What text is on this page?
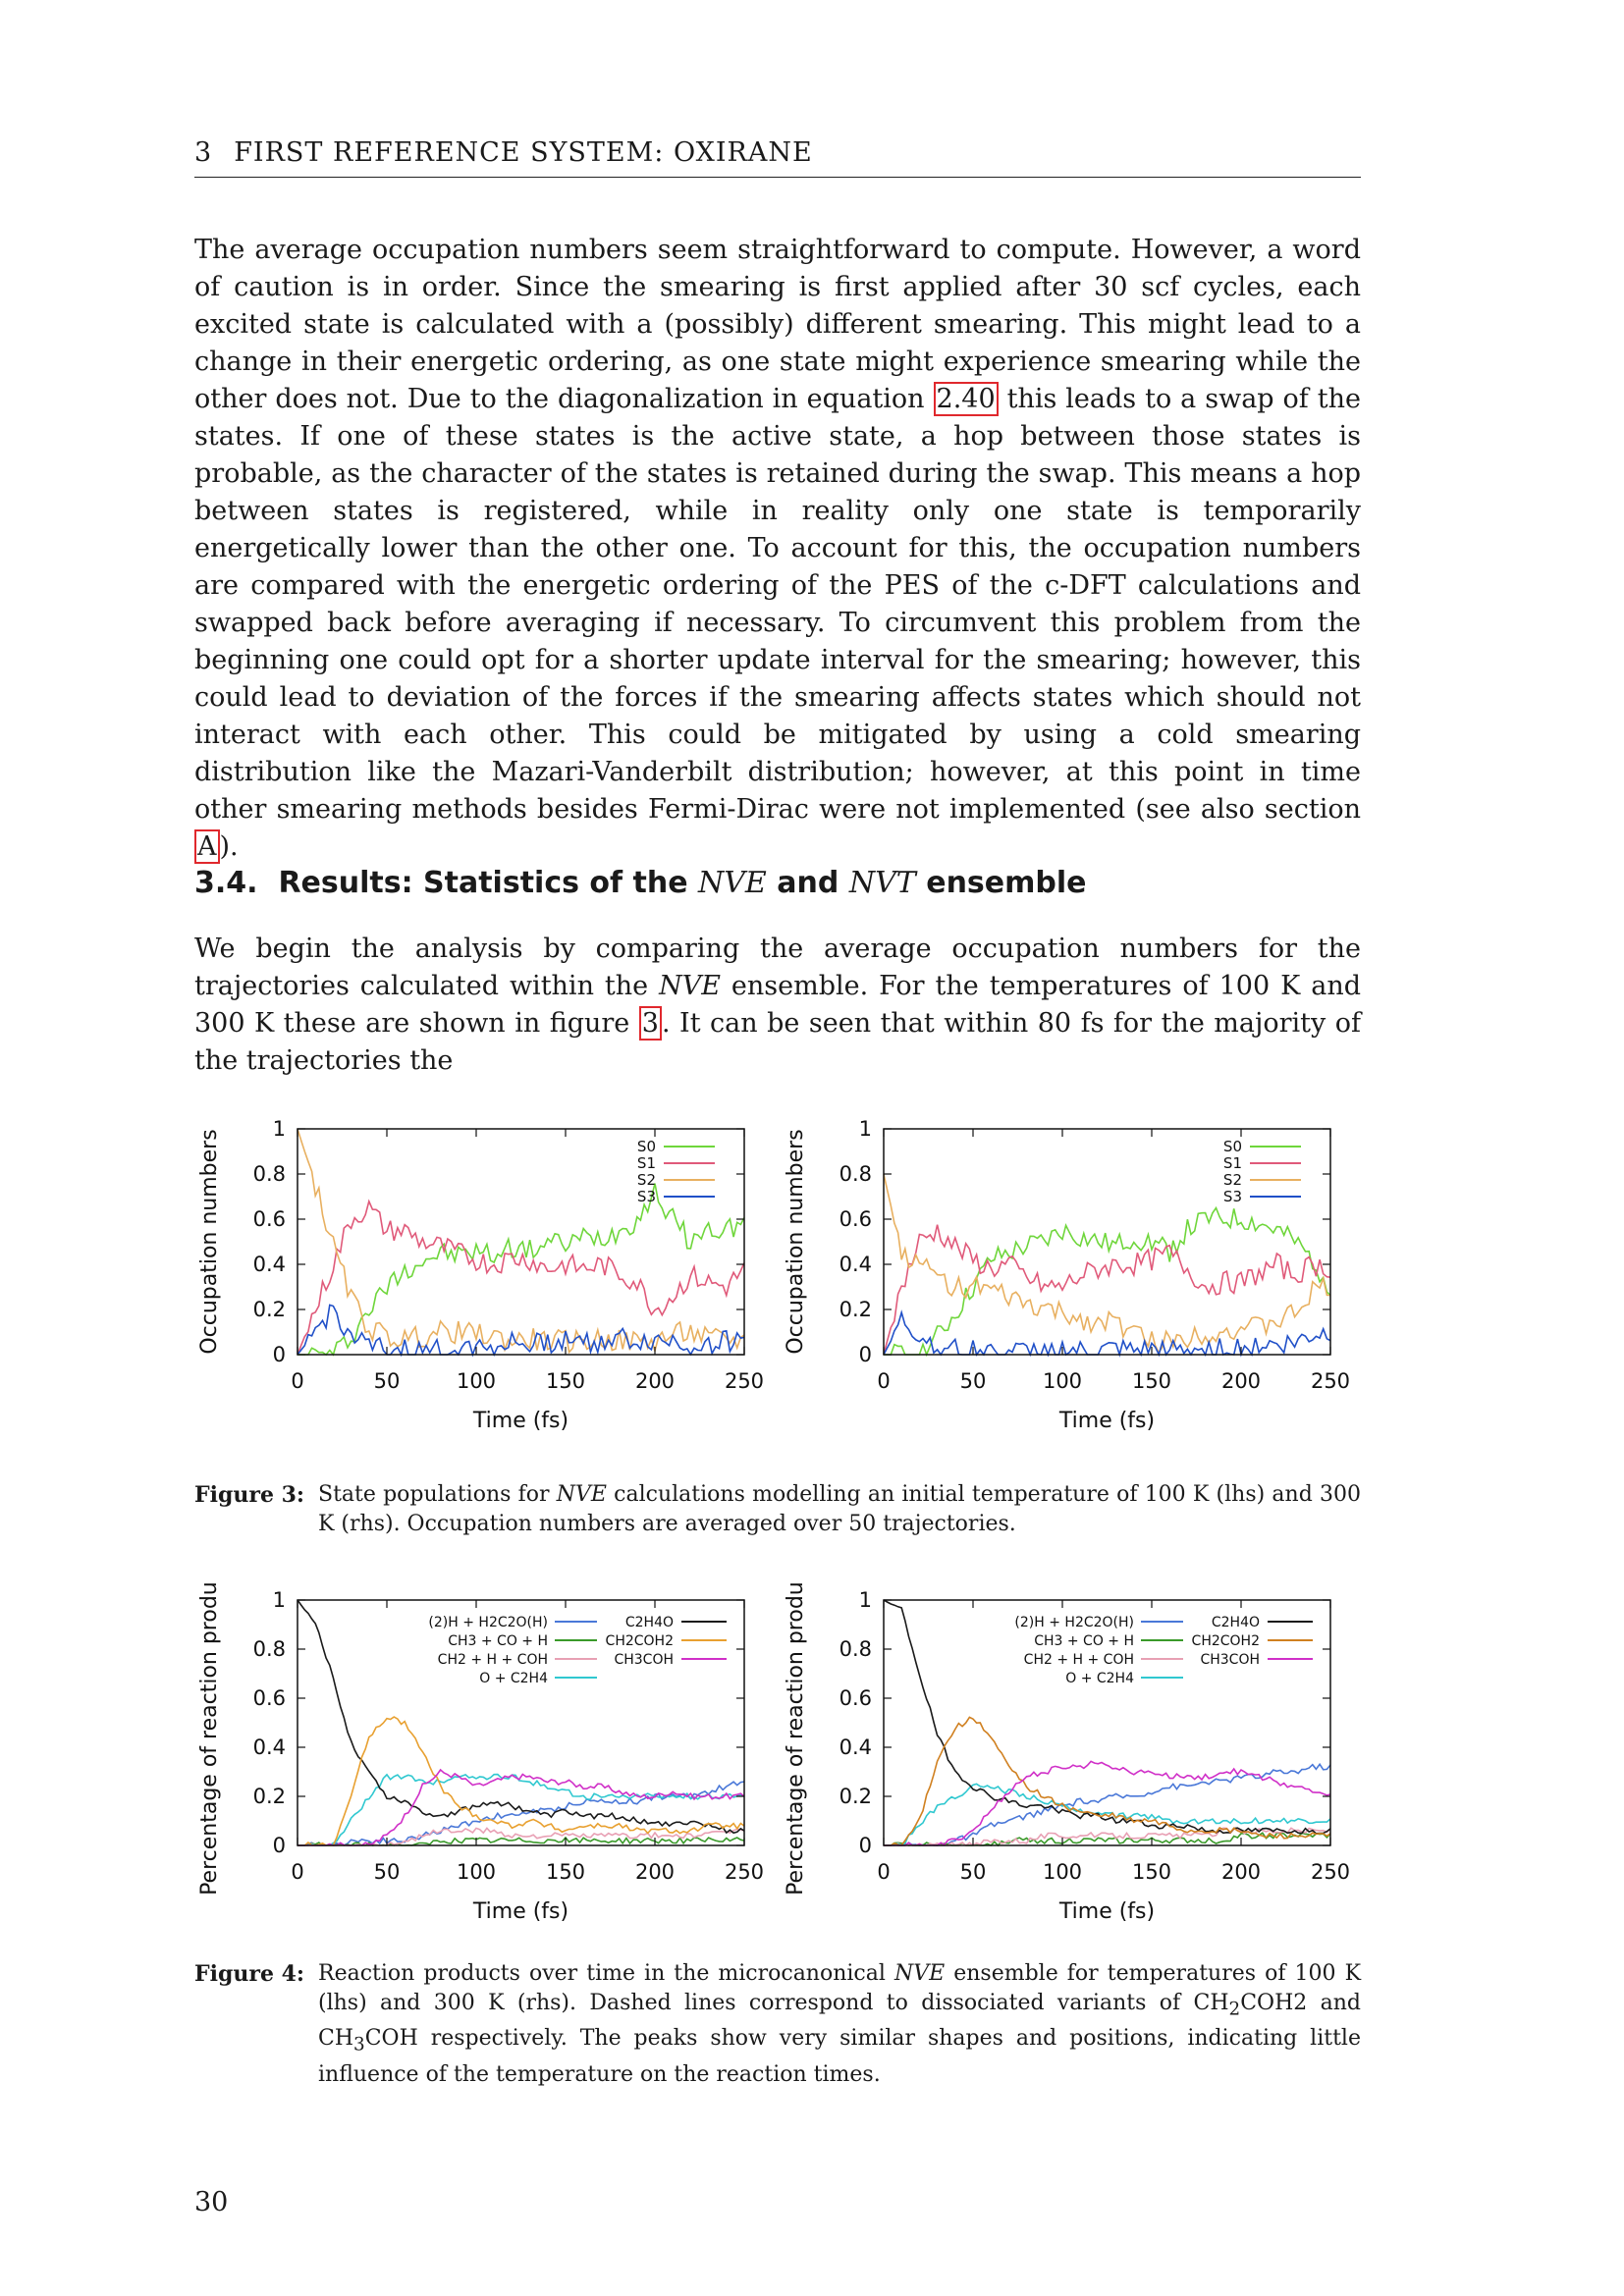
3 FIRST REFERENCE SYSTEM: OXIRANE
The average occupation numbers seem straightforward to compute. However, a word of caution is in order. Since the smearing is first applied after 30 scf cycles, each excited state is calculated with a (possibly) different smearing. This might lead to a change in their energetic ordering, as one state might experience smearing while the other does not. Due to the diagonalization in equation 2.40 this leads to a swap of the states. If one of these states is the active state, a hop between those states is probable, as the character of the states is retained during the swap. This means a hop between states is registered, while in reality only one state is temporarily energetically lower than the other one. To account for this, the occupation numbers are compared with the energetic ordering of the PES of the c-DFT calculations and swapped back before averaging if necessary. To circumvent this problem from the beginning one could opt for a shorter update interval for the smearing; however, this could lead to deviation of the forces if the smearing affects states which should not interact with each other. This could be mitigated by using a cold smearing distribution like the Mazari-Vanderbilt distribution; however, at this point in time other smearing methods besides Fermi-Dirac were not implemented (see also section A ).
3.4. Results: Statistics of the NVE and NVT ensemble
We begin the analysis by comparing the average occupation numbers for the trajectories calculated within the NVE ensemble. For the temperatures of 100 K and 300 K these are shown in figure 3 . It can be seen that within 80 fs for the majority of the trajectories the
0	50	100 150 200 250
0
0.2
0.4
0.6
0.8
1
Time (fs)
Occupation numbers	S0
S1
S2
S3
0	50	100 150 200 250
0
0.2
0.4
0.6
0.8
1
Time (fs)
Occupation numbers	S0
S1
S2
S3
Figure 3: State populations for NVE calculations modelling an initial temperature of 100 K (lhs) and 300 K (rhs). Occupation numbers are averaged over 50 trajectories.
0	50	100 150 200 250
0
0.2
0.4
0.6
0.8
1
Time (fs)
Percentage of reaction products	(2)H + H2C2O(H)
CH3 + CO + H
CH2 + H + COH
O + C2H4
C2H4O
CH2COH2
CH3COH
0	50	100 150 200 250
0
0.2
0.4
0.6
0.8
1
Time (fs)
Percentage of reaction products	(2)H + H2C2O(H)
CH3 + CO + H
CH2 + H + COH
O + C2H4
C2H4O
CH2COH2
CH3COH
Figure 4: Reaction products over time in the microcanonical NVE ensemble for temperatures of 100 K (lhs) and 300 K (rhs). Dashed lines correspond to dissociated variants of $CH_2COH2$ and $CH_3COH$ respectively. The peaks show very similar shapes and positions, indicating little influence of the temperature on the reaction times.
30
